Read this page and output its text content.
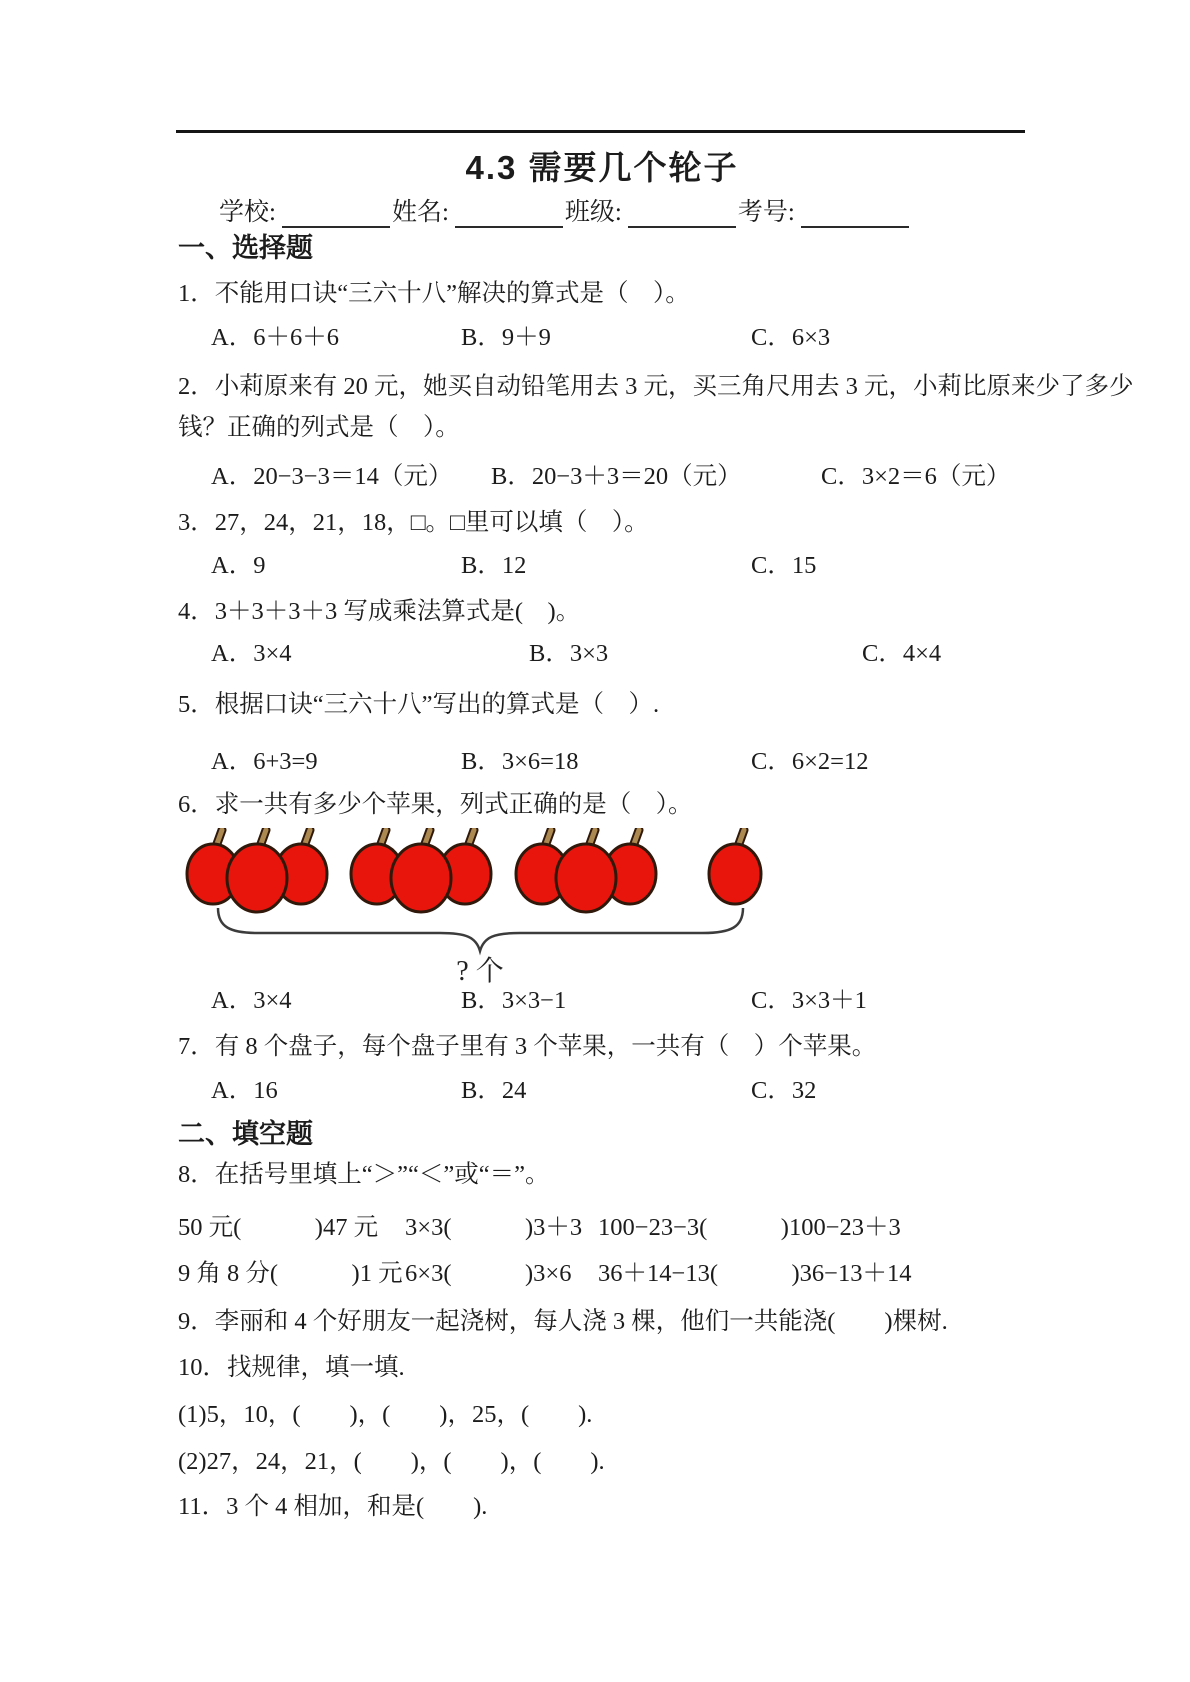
4.3 需要几个轮子
学校:	姓名:	班级:	考号:
一、选择题
1．不能用口诀“三六十八”解决的算式是（　）。
A．6＋6＋6	B．9＋9	C．6×3
2．小莉原来有 20 元，她买自动铅笔用去 3 元，买三角尺用去 3 元，小莉比原来少了多少
钱？正确的列式是（　）。
A．20−3−3＝14（元）	B．20−3＋3＝20（元）	C．3×2＝6（元）
3．27，24，21，18，□。□里可以填（　）。
A．9	B．12	C．15
4．3＋3＋3＋3 写成乘法算式是(　)。
A．3×4	B．3×3	C．4×4
5．根据口诀“三六十八”写出的算式是（　）.
A．6+3=9	B．3×6=18	C．6×2=12
6．求一共有多少个苹果，列式正确的是（　）。
? 个
A．3×4	B．3×3−1	C．3×3＋1
7．有 8 个盘子，每个盘子里有 3 个苹果，一共有（　）个苹果。
A．16	B．24	C．32
二、填空题
8．在括号里填上“＞”“＜”或“＝”。
50 元(　　　)47 元	3×3(　　　)3＋3 100−23−3(　　　)100−23＋3
9 角 8 分(　　　)1 元 6×3(　　　)3×6	36＋14−13(　　　)36−13＋14
9．李丽和 4 个好朋友一起浇树，每人浇 3 棵，他们一共能浇(　　)棵树.
10．找规律，填一填.
(1)5，10，(　　)，(　　)，25，(　　).
(2)27，24，21，(　　)，(　　)，(　　).
11．3 个 4 相加，和是(　　).
